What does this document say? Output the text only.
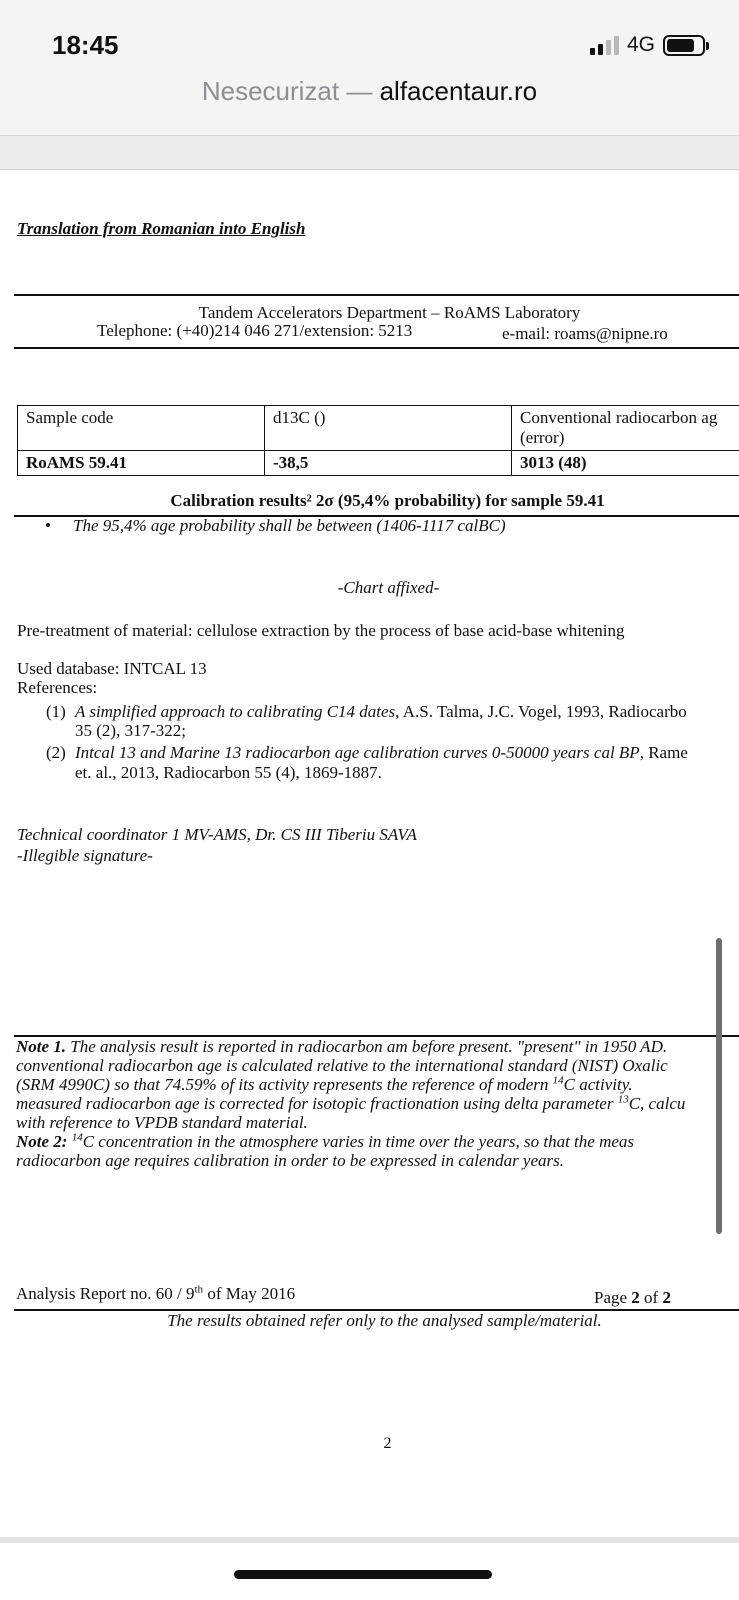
18:45	4G
Nesecurizat — alfacentaur.ro
Translation from Romanian into English
Tandem Accelerators Department – RoAMS Laboratory
Telephone: (+40)214 046 271/extension: 5213	e-mail: roams@nipne.ro
Sample code	d13C ()	Conventional radiocarbon ag
(error)

RoAMS 59.41	-38,5	3013 (48)
Calibration results² 2σ (95,4% probability) for sample 59.41
• The 95,4% age probability shall be between (1406-1117 calBC)
-Chart affixed-
Pre-treatment of material: cellulose extraction by the process of base acid-base whitening
Used database: INTCAL 13
References:
(1) A simplified approach to calibrating C14 dates, A.S. Talma, J.C. Vogel, 1993, Radiocarbo
35 (2), 317-322;
(2) Intcal 13 and Marine 13 radiocarbon age calibration curves 0-50000 years cal BP, Rame
et. al., 2013, Radiocarbon 55 (4), 1869-1887.
Technical coordinator 1 MV-AMS, Dr. CS III Tiberiu SAVA
-Illegible signature-
Note 1. The analysis result is reported in radiocarbon am before present. "present" in 1950 AD.
conventional radiocarbon age is calculated relative to the international standard (NIST) Oxalic
(SRM 4990C) so that 74.59% of its activity represents the reference of modern $^{14}$C activity.
measured radiocarbon age is corrected for isotopic fractionation using delta parameter $^{13}$C, calcu
with reference to VPDB standard material.
Note 2: $^{14}$C concentration in the atmosphere varies in time over the years, so that the meas
radiocarbon age requires calibration in order to be expressed in calendar years.
Analysis Report no. 60 / 9th of May 2016	Page 2 of 2
The results obtained refer only to the analysed sample/material.
2
